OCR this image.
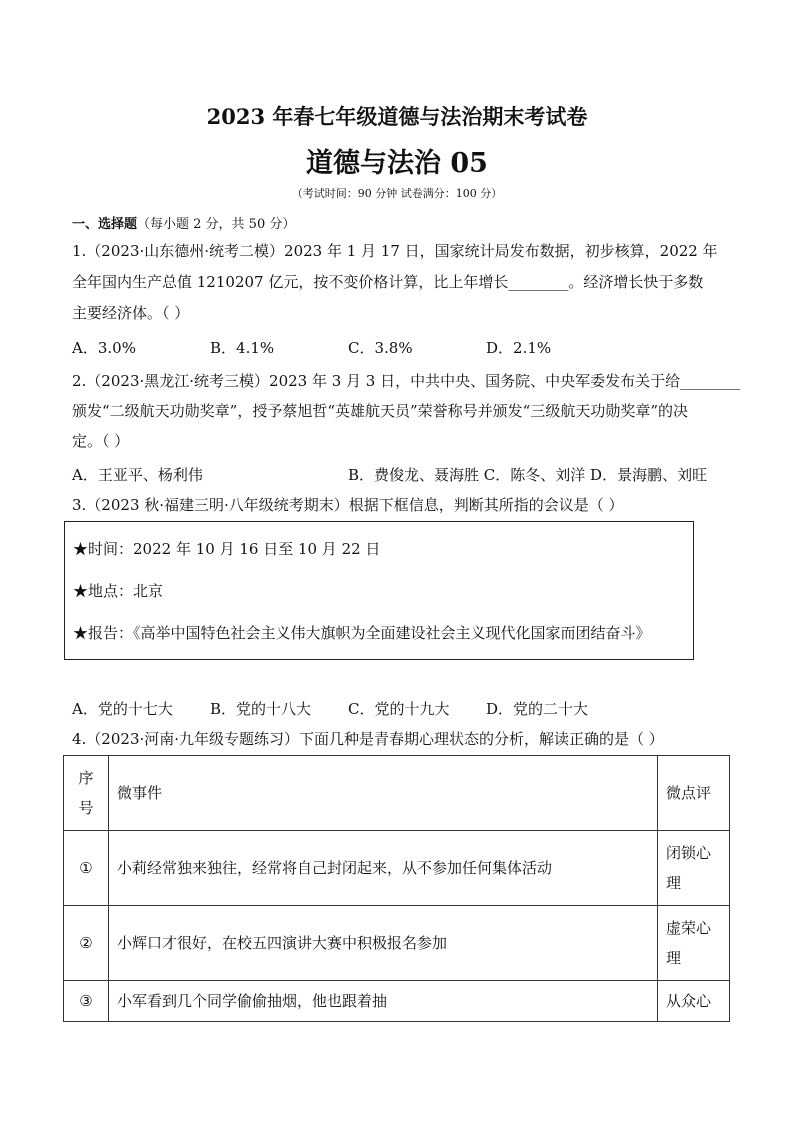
2023 年春七年级道德与法治期末考试卷
道德与法治 05
（考试时间：90 分钟 试卷满分：100 分）
一、选择题（每小题 2 分，共 50 分）
1.（2023·山东德州·统考二模）2023 年 1 月 17 日，国家统计局发布数据，初步核算，2022 年
全年国内生产总值 1210207 亿元，按不变价格计算，比上年增长________。经济增长快于多数
主要经济体。（ ）
A．3.0%	B．4.1%	C．3.8%	D．2.1%
2.（2023·黑龙江·统考三模）2023 年 3 月 3 日，中共中央、国务院、中央军委发布关于给________
颁发“二级航天功勋奖章”，授予蔡旭哲“英雄航天员”荣誉称号并颁发“三级航天功勋奖章”的决
定。（ ）
A．王亚平、杨利伟	B．费俊龙、聂海胜 C．陈冬、刘洋 D．景海鹏、刘旺
3.（2023 秋·福建三明·八年级统考期末）根据下框信息，判断其所指的会议是（ ）
★时间：2022 年 10 月 16 日至 10 月 22 日
★地点：北京
★报告：《高举中国特色社会主义伟大旗帜为全面建设社会主义现代化国家而团结奋斗》
A．党的十七大 B．党的十八大 C．党的十九大 D．党的二十大
4.（2023·河南·九年级专题练习）下面几种是青春期心理状态的分析，解读正确的是（ ）
序号	微事件	微点评
①	小莉经常独来独往，经常将自己封闭起来，从不参加任何集体活动	闭锁心理
②	小辉口才很好，在校五四演讲大赛中积极报名参加	虚荣心理
③	小军看到几个同学偷偷抽烟，他也跟着抽	从众心
